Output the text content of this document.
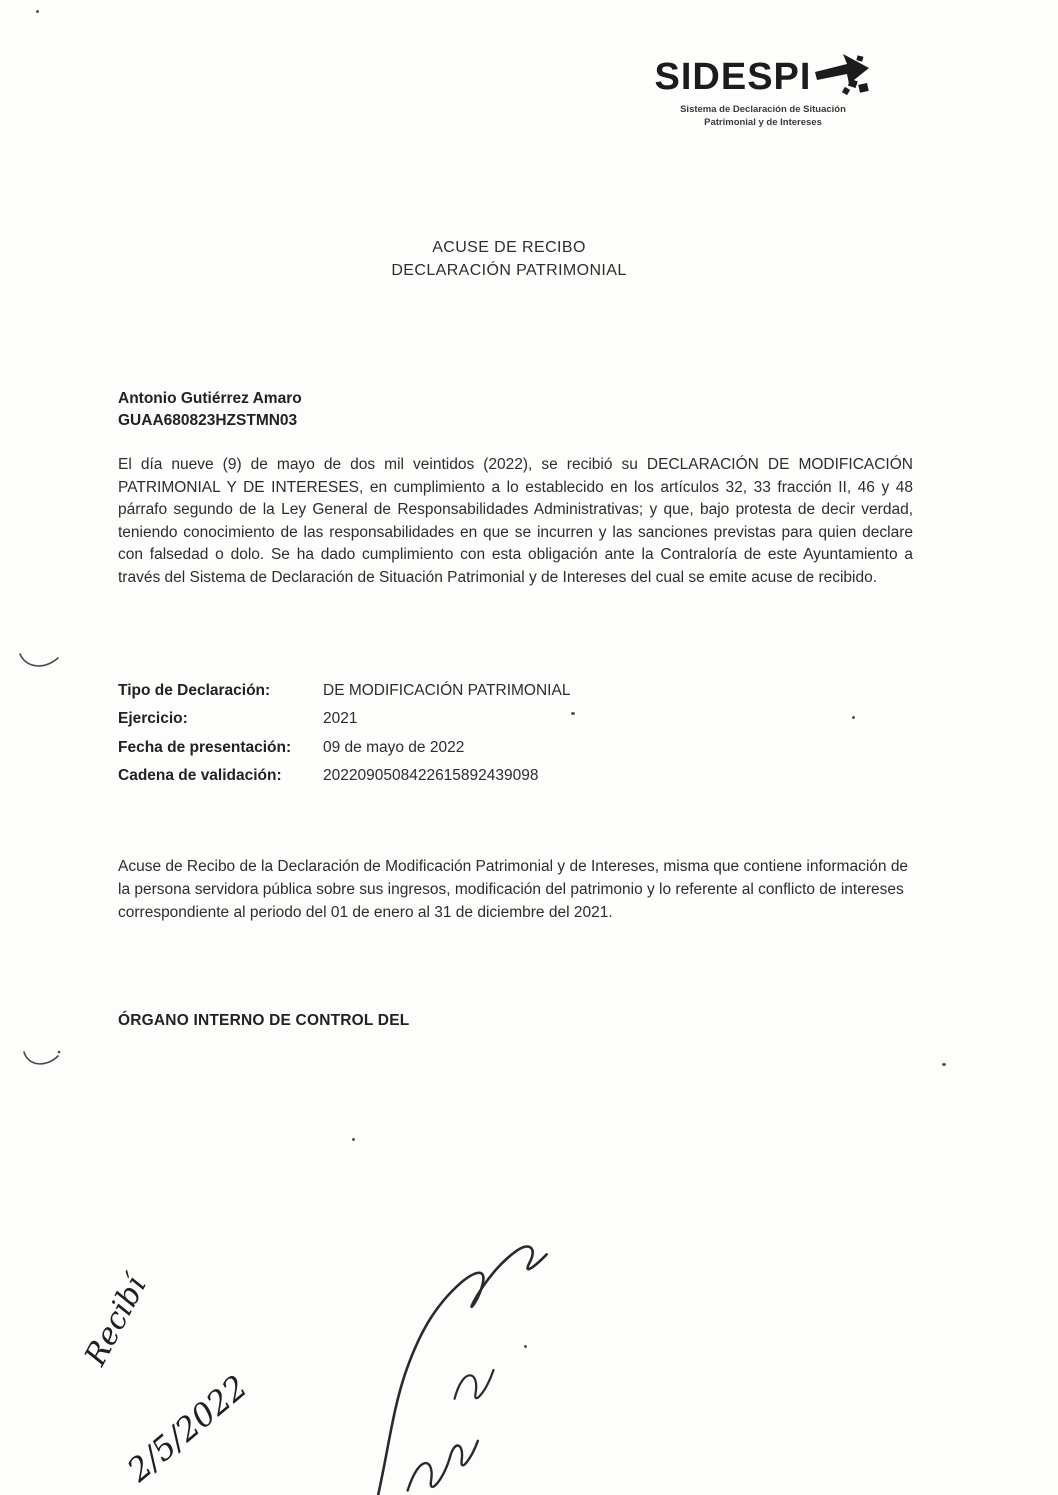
SIDESPI
Sistema de Declaración de Situación
Patrimonial y de Intereses
ACUSE DE RECIBO
DECLARACIÓN PATRIMONIAL
Antonio Gutiérrez Amaro
GUAA680823HZSTMN03
El día nueve (9) de mayo de dos mil veintidos (2022), se recibió su DECLARACIÓN DE MODIFICACIÓN PATRIMONIAL Y DE INTERESES, en cumplimiento a lo establecido en los artículos 32, 33 fracción II, 46 y 48 párrafo segundo de la Ley General de Responsabilidades Administrativas; y que, bajo protesta de decir verdad, teniendo conocimiento de las responsabilidades en que se incurren y las sanciones previstas para quien declare con falsedad o dolo. Se ha dado cumplimiento con esta obligación ante la Contraloría de este Ayuntamiento a través del Sistema de Declaración de Situación Patrimonial y de Intereses del cual se emite acuse de recibido.
Tipo de Declaración:	DE MODIFICACIÓN PATRIMONIAL
Ejercicio:	2021
Fecha de presentación:	09 de mayo de 2022
Cadena de validación:	2022090508422615892439098
Acuse de Recibo de la Declaración de Modificación Patrimonial y de Intereses, misma que contiene información de la persona servidora pública sobre sus ingresos, modificación del patrimonio y lo referente al conflicto de intereses correspondiente al periodo del 01 de enero al 31 de diciembre del 2021.
ÓRGANO INTERNO DE CONTROL DEL
Recibí
2/5/2022
